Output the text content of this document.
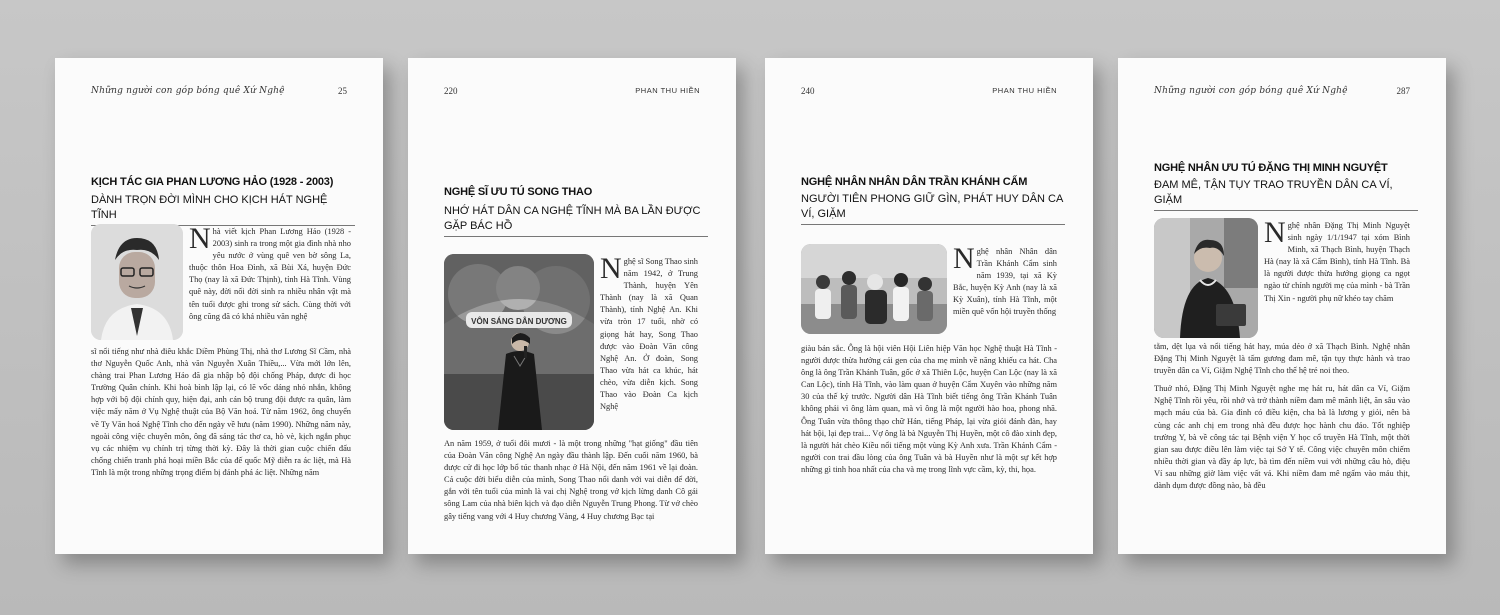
Những người con góp bóng quê Xứ Nghệ	25
KỊCH TÁC GIA PHAN LƯƠNG HẢO (1928 - 2003)
DÀNH TRỌN ĐỜI MÌNH CHO KỊCH HÁT NGHỆ TĨNH
Nhà viết kịch Phan Lương Hảo (1928 - 2003) sinh ra trong một gia đình nhà nho yêu nước ở vùng quê ven bờ sông La, thuộc thôn Hoa Đình, xã Bùi Xá, huyện Đức Thọ (nay là xã Đức Thịnh), tỉnh Hà Tĩnh. Vùng quê này, đời nối đời sinh ra nhiều nhân vật mà tên tuổi được ghi trong sử sách. Cùng thời với ông cũng đã có khá nhiều văn nghệ
sĩ nổi tiếng như nhà điêu khắc Diềm Phùng Thị, nhà thơ Lương Sĩ Cầm, nhà thơ Nguyễn Quốc Anh, nhà văn Nguyễn Xuân Thiều,... Vừa mới lớn lên, chàng trai Phan Lương Hảo đã gia nhập bộ đội chống Pháp, được đi học Trường Quân chính. Khi hoà bình lập lại, có lẽ vốc dáng nhỏ nhắn, không hợp với bộ đội chính quy, hiện đại, anh cán bộ trung đội được ra quân, làm việc mấy năm ở Vụ Nghệ thuật của Bộ Văn hoá. Từ năm 1962, ông chuyển về Ty Văn hoá Nghệ Tĩnh cho đến ngày về hưu (năm 1990). Những năm này, ngoài công việc chuyên môn, ông đã sáng tác thơ ca, hò vè, kịch ngắn phục vụ các nhiệm vụ chính trị từng thời kỳ. Đây là thời gian cuộc chiến đấu chống chiến tranh phá hoại miền Bắc của đế quốc Mỹ diễn ra ác liệt, mà Hà Tĩnh là một trong những trọng điểm bị đánh phá ác liệt. Những năm
220	PHAN THU HIỀN
NGHỆ SĨ ƯU TÚ SONG THAO
NHỚ HÁT DÂN CA NGHỆ TĨNH MÀ BA LẦN ĐƯỢC GẶP BÁC HỒ
VÔN SÁNG DÂN DƯƠNG
Nghệ sĩ Song Thao sinh năm 1942, ở Trung Thành, huyện Yên Thành (nay là xã Quan Thành), tỉnh Nghệ An. Khi vừa tròn 17 tuổi, nhờ có giọng hát hay, Song Thao được vào Đoàn Văn công Nghệ An. Ở đoàn, Song Thao vừa hát ca khúc, hát chèo, vừa diễn kịch. Song Thao vào Đoàn Ca kịch Nghệ
An năm 1959, ở tuổi đôi mươi - là một trong những "hạt giống" đầu tiên của Đoàn Văn công Nghệ An ngày đầu thành lập. Đến cuối năm 1960, bà được cử đi học lớp bổ túc thanh nhạc ở Hà Nội, đến năm 1961 về lại đoàn. Cả cuộc đời biểu diễn của mình, Song Thao nổi danh với vai diễn để đời, gắn với tên tuổi của mình là vai chị Nghệ trong vở kịch lừng danh Cô gái sông Lam của nhà biên kịch và đạo diễn Nguyễn Trung Phong. Từ vở chèo gây tiếng vang với 4 Huy chương Vàng, 4 Huy chương Bạc tại
240	PHAN THU HIỀN
NGHỆ NHÂN NHÂN DÂN TRẦN KHÁNH CẨM
NGƯỜI TIÊN PHONG GIỮ GÌN, PHÁT HUY DÂN CA VÍ, GIẶM
Nghệ nhân Nhân dân Trần Khánh Cẩm sinh năm 1939, tại xã Kỳ Bắc, huyện Kỳ Anh (nay là xã Kỳ Xuân), tỉnh Hà Tĩnh, một miền quê vốn hội truyền thống
giàu bản sắc. Ông là hội viên Hội Liên hiệp Văn học Nghệ thuật Hà Tĩnh - người được thừa hưởng cái gen của cha mẹ mình về năng khiếu ca hát. Cha ông là ông Trần Khánh Tuân, gốc ở xã Thiên Lộc, huyện Can Lộc (nay là xã Can Lộc), tỉnh Hà Tĩnh, vào làm quan ở huyện Cẩm Xuyên vào những năm 30 của thế kỷ trước. Người dân Hà Tĩnh biết tiếng ông Trần Khánh Tuân không phải vì ông làm quan, mà vì ông là một người hào hoa, phong nhã. Ông Tuân vừa thông thạo chữ Hán, tiếng Pháp, lại vừa giỏi đánh đàn, hay hát bội, lại đẹp trai... Vợ ông là bà Nguyễn Thị Huyền, một cô đào xinh đẹp, là người hát chèo Kiều nổi tiếng một vùng Kỳ Anh xưa. Trần Khánh Cẩm - người con trai đầu lòng của ông Tuân và bà Huyền như là một sự kết hợp những gì tinh hoa nhất của cha và mẹ trong lĩnh vực cầm, kỳ, thi, họa.
Những người con góp bóng quê Xứ Nghệ	287
NGHỆ NHÂN ƯU TÚ ĐẶNG THỊ MINH NGUYỆT
ĐAM MÊ, TẬN TỤY TRAO TRUYỀN DÂN CA VÍ, GIẶM
Nghệ nhân Đặng Thị Minh Nguyệt sinh ngày 1/1/1947 tại xóm Bình Minh, xã Thạch Bình, huyện Thạch Hà (nay là xã Cẩm Bình), tỉnh Hà Tĩnh. Bà là người được thừa hưởng giọng ca ngọt ngào từ chính người mẹ của mình - bà Trần Thị Xin - người phụ nữ khéo tay chăm

tằm, dệt lụa và nổi tiếng hát hay, múa dẻo ở xã Thạch Bình. Nghệ nhân Đặng Thị Minh Nguyệt là tấm gương đam mê, tận tụy thực hành và trao truyền dân ca Ví, Giặm Nghệ Tĩnh cho thế hệ trẻ noi theo.

Thuở nhỏ, Đặng Thị Minh Nguyệt nghe mẹ hát ru, hát dân ca Ví, Giặm Nghệ Tĩnh rồi yêu, rồi nhớ và trở thành niềm đam mê mãnh liệt, ăn sâu vào mạch máu của bà. Gia đình có điều kiện, cha bà là lương y giỏi, nên bà cùng các anh chị em trong nhà đều được học hành chu đáo. Tốt nghiệp trường Y, bà về công tác tại Bệnh viện Y học cổ truyền Hà Tĩnh, một thời gian sau được điều lên làm việc tại Sở Y tế. Công việc chuyên môn chiếm nhiều thời gian và đầy áp lực, bà tìm đến niềm vui với những câu hò, điệu Ví sau những giờ làm việc vất vả. Khi niềm đam mê ngấm vào máu thịt, dành dụm được đồng nào, bà đều
